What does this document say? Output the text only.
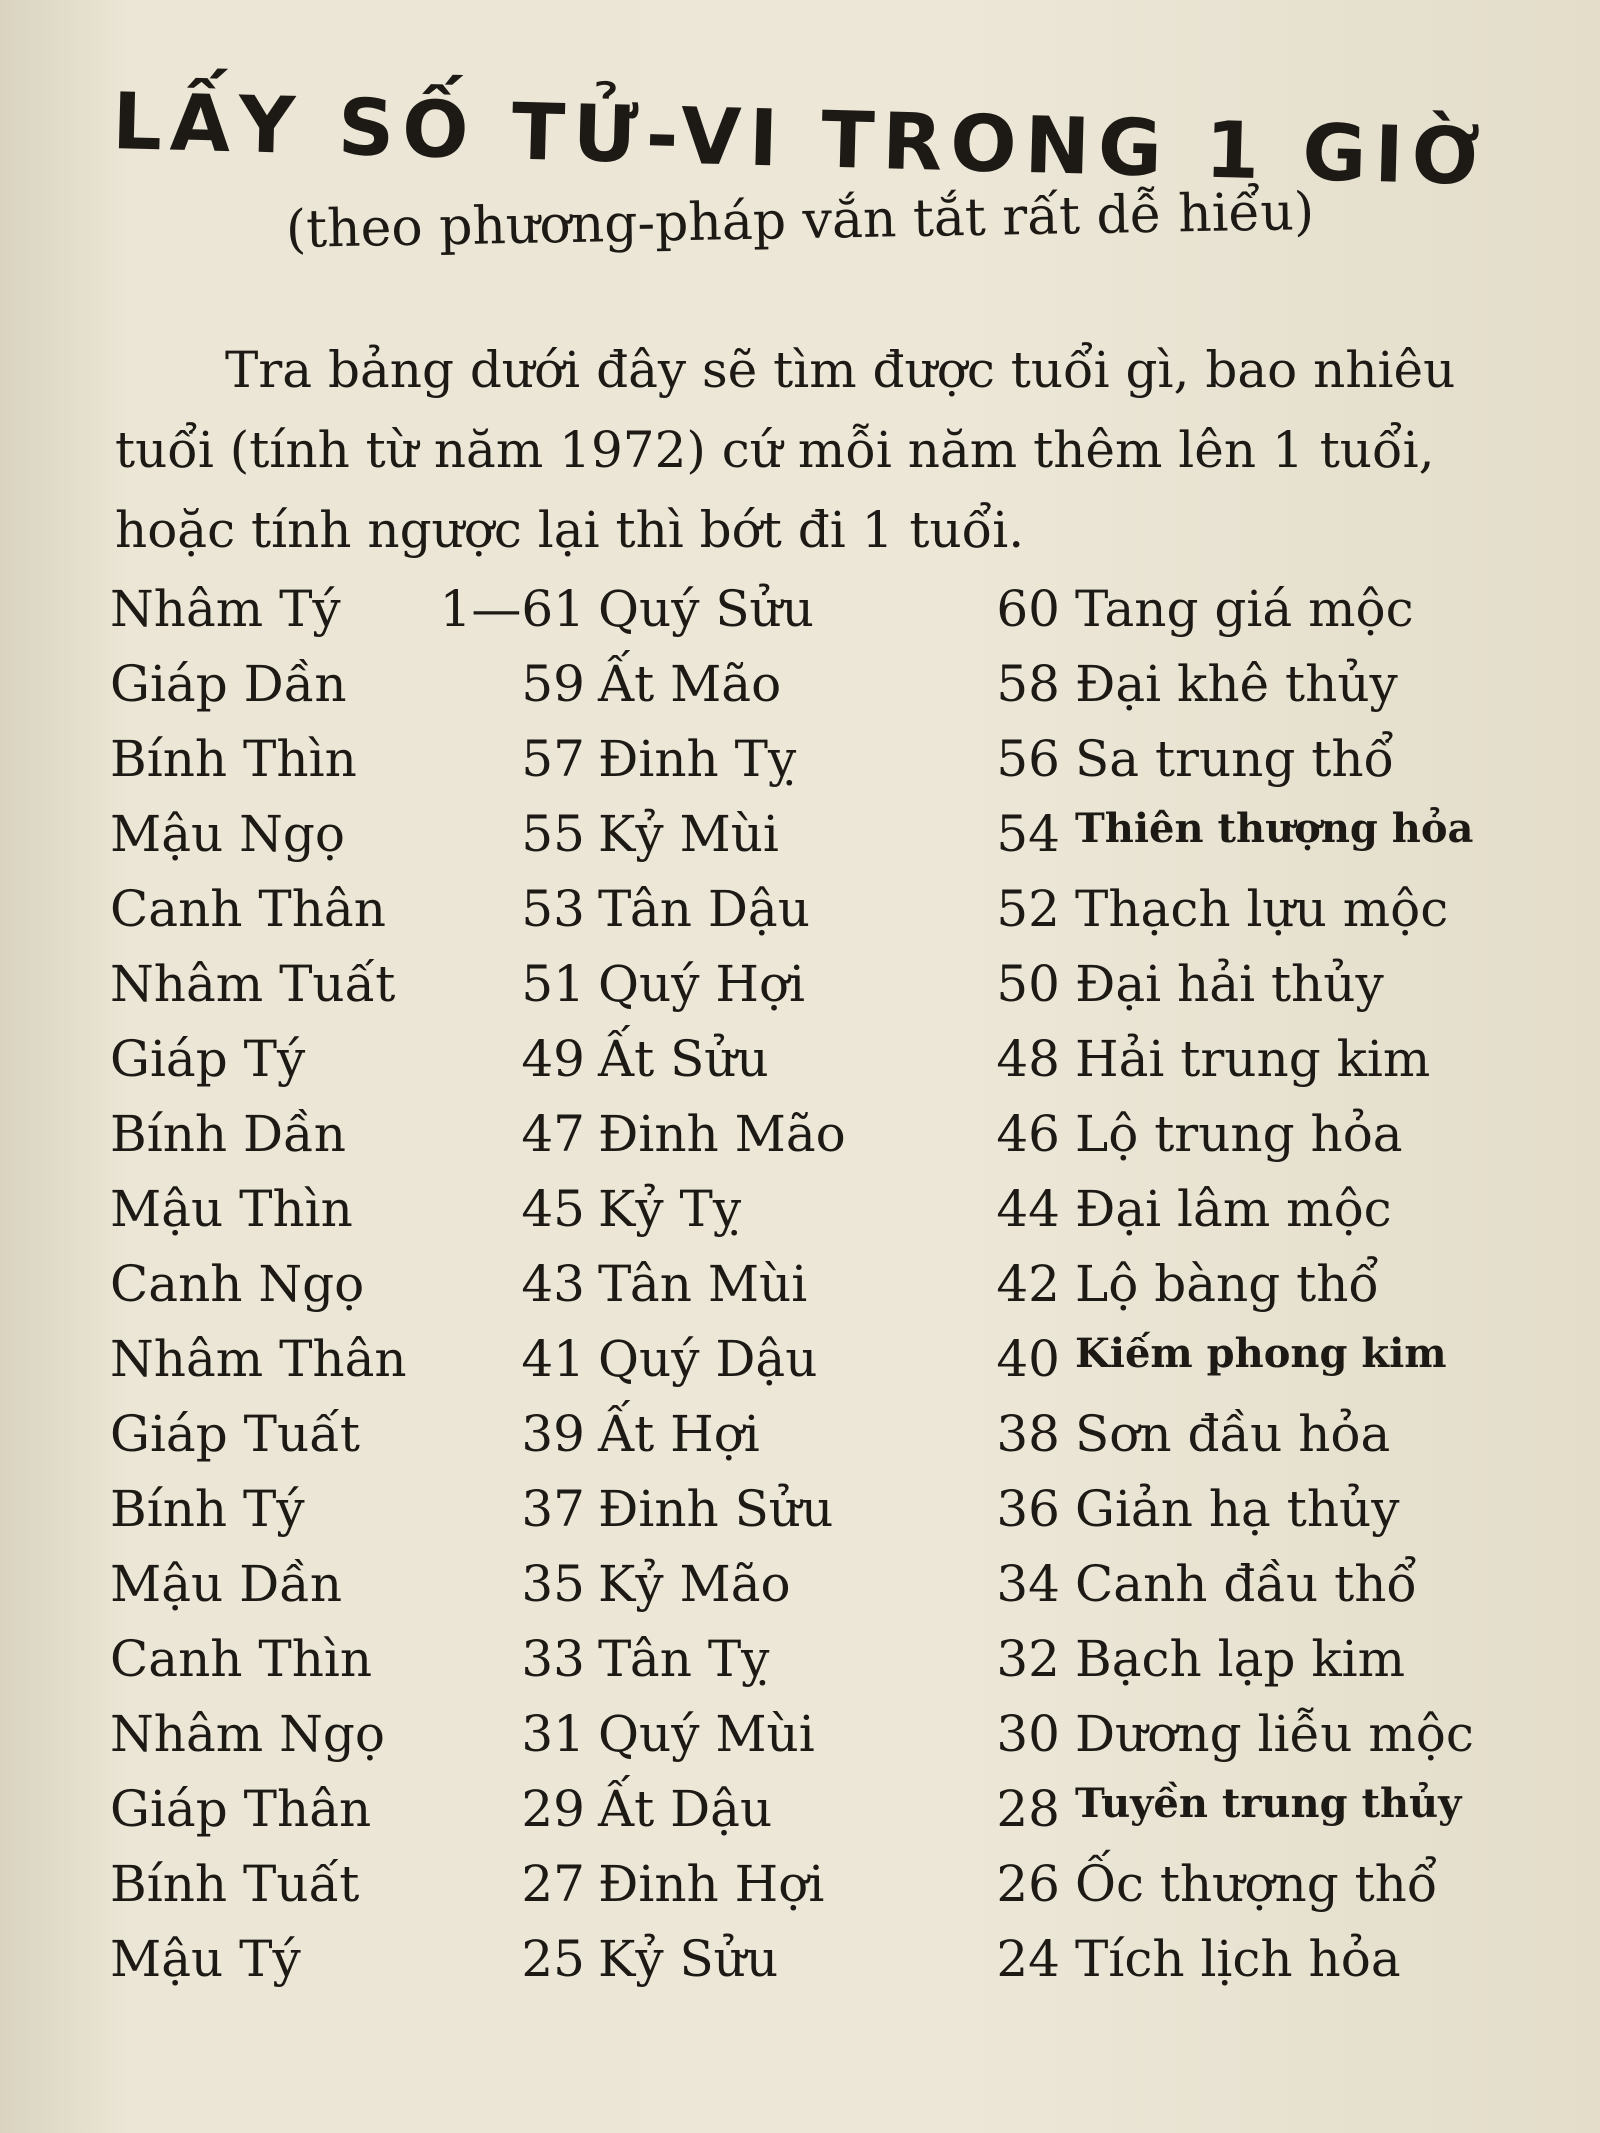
LẤY SỐ TỬ-VI TRONG 1 GIỜ
(theo phương-pháp vắn tắt rất dễ hiểu)
Tra bảng dưới đây sẽ tìm được tuổi gì, bao nhiêu tuổi (tính từ năm 1972) cứ mỗi năm thêm lên 1 tuổi, hoặc tính ngược lại thì bớt đi 1 tuổi.
Nhâm Tý	1—61 Quý Sửu	60 Tang giá mộc
Giáp Dần	59 Ất Mão	58 Đại khê thủy
Bính Thìn	57 Đinh Tỵ	56 Sa trung thổ
Mậu Ngọ	55 Kỷ Mùi	54 Thiên thượng hỏa
Canh Thân	53 Tân Dậu	52 Thạch lựu mộc
Nhâm Tuất	51 Quý Hợi	50 Đại hải thủy
Giáp Tý	49 Ất Sửu	48 Hải trung kim
Bính Dần	47 Đinh Mão	46 Lộ trung hỏa
Mậu Thìn	45 Kỷ Tỵ	44 Đại lâm mộc
Canh Ngọ	43 Tân Mùi	42 Lộ bàng thổ
Nhâm Thân	41 Quý Dậu	40 Kiếm phong kim
Giáp Tuất	39 Ất Hợi	38 Sơn đầu hỏa
Bính Tý	37 Đinh Sửu	36 Giản hạ thủy
Mậu Dần	35 Kỷ Mão	34 Canh đầu thổ
Canh Thìn	33 Tân Tỵ	32 Bạch lạp kim
Nhâm Ngọ	31 Quý Mùi	30 Dương liễu mộc
Giáp Thân	29 Ất Dậu	28 Tuyền trung thủy
Bính Tuất	27 Đinh Hợi	26 Ốc thượng thổ
Mậu Tý	25 Kỷ Sửu	24 Tích lịch hỏa
